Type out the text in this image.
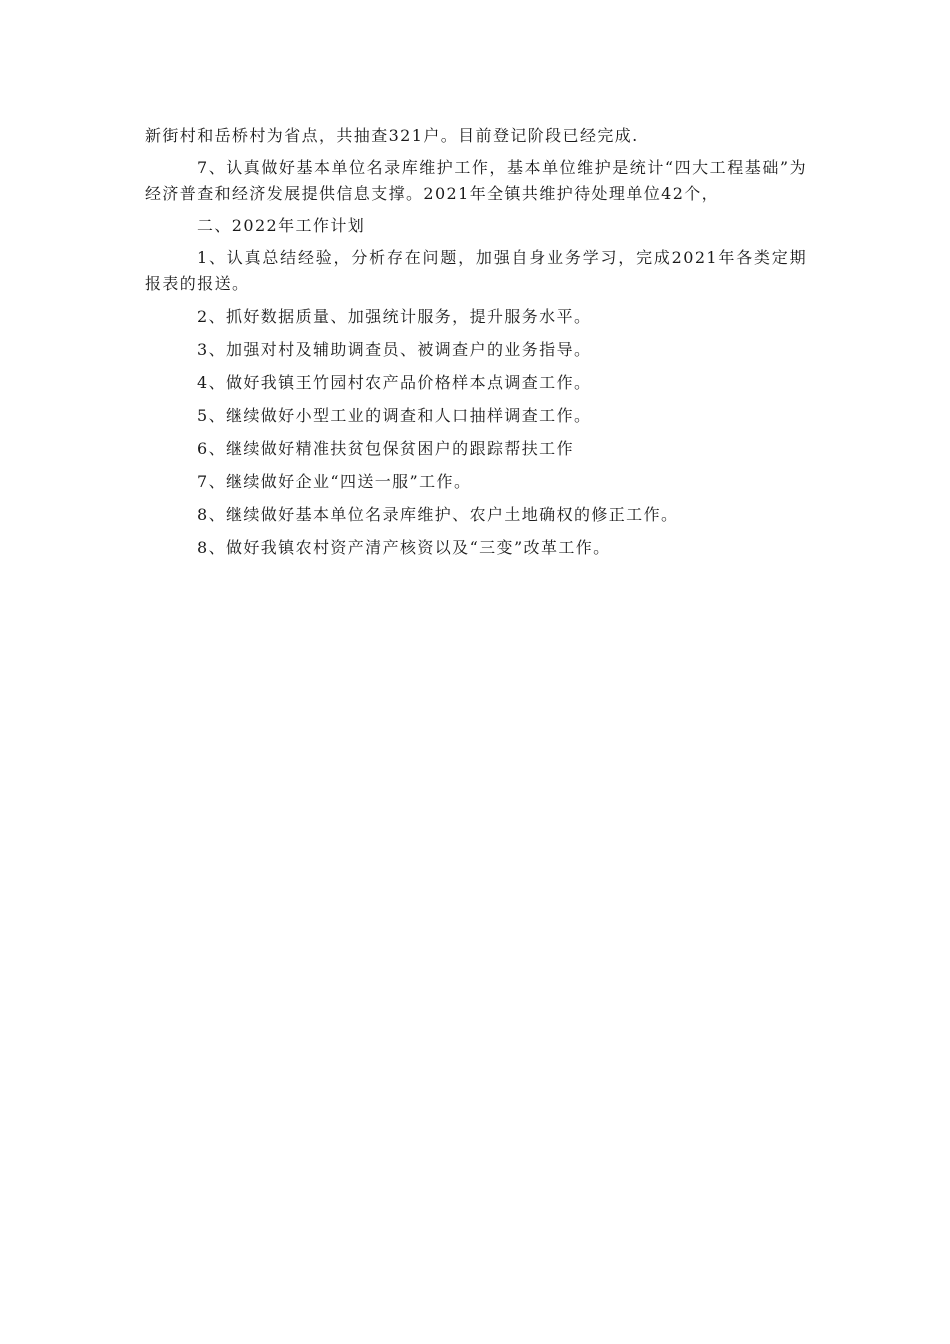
新街村和岳桥村为省点，共抽查321户。目前登记阶段已经完成.

7、认真做好基本单位名录库维护工作，基本单位维护是统计“四大工程基础”为经济普查和经济发展提供信息支撑。2021年全镇共维护待处理单位42个，

二、2022年工作计划

1、认真总结经验，分析存在问题，加强自身业务学习，完成2021年各类定期报表的报送。

2、抓好数据质量、加强统计服务，提升服务水平。

3、加强对村及辅助调查员、被调查户的业务指导。

4、做好我镇王竹园村农产品价格样本点调查工作。

5、继续做好小型工业的调查和人口抽样调查工作。

6、继续做好精准扶贫包保贫困户的跟踪帮扶工作

7、继续做好企业“四送一服”工作。

8、继续做好基本单位名录库维护、农户土地确权的修正工作。

8、做好我镇农村资产清产核资以及“三变”改革工作。
